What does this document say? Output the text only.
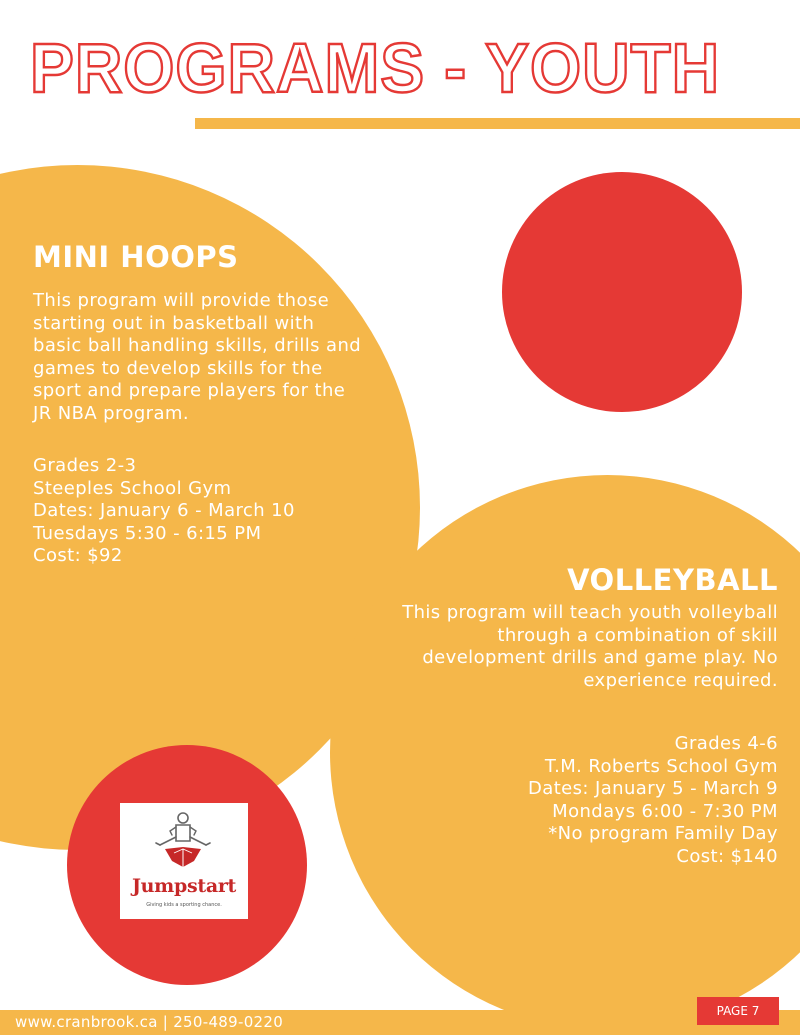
PROGRAMS - YOUTH
MINI HOOPS

This program will provide those starting out in basketball with basic ball handling skills, drills and games to develop skills for the sport and prepare players for the JR NBA program.

Grades 2-3
Steeples School Gym
Dates: January 6 - March 10
Tuesdays 5:30 - 6:15 PM
Cost: $92
VOLLEYBALL

This program will teach youth volleyball through a combination of skill development drills and game play. No experience required.

Grades 4-6
T.M. Roberts School Gym
Dates: January 5 - March 9
Mondays 6:00 - 7:30 PM
*No program Family Day
Cost: $140
Jumpstart
Giving kids a sporting chance.

www.cranbrook.ca | 250-489-0220

PAGE 7
